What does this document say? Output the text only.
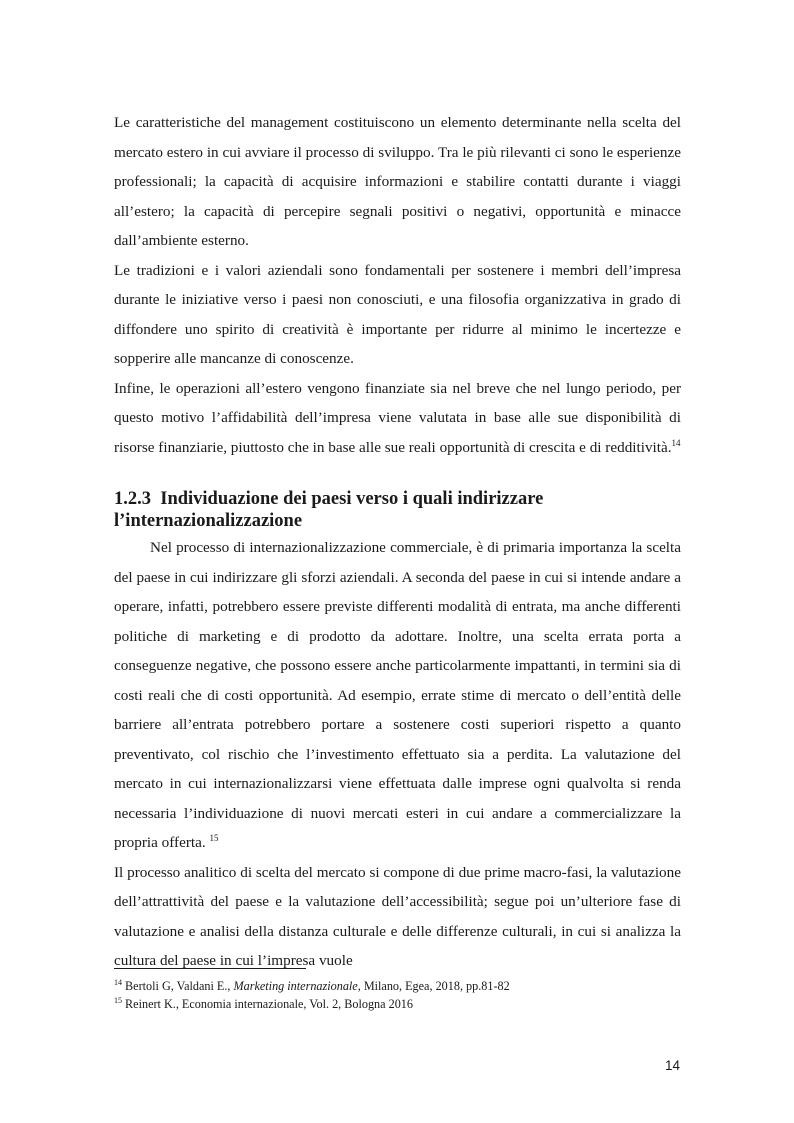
Le caratteristiche del management costituiscono un elemento determinante nella scelta del mercato estero in cui avviare il processo di sviluppo. Tra le più rilevanti ci sono le esperienze professionali; la capacità di acquisire informazioni e stabilire contatti durante i viaggi all’estero; la capacità di percepire segnali positivi o negativi, opportunità e minacce dall’ambiente esterno.

Le tradizioni e i valori aziendali sono fondamentali per sostenere i membri dell’impresa durante le iniziative verso i paesi non conosciuti, e una filosofia organizzativa in grado di diffondere uno spirito di creatività è importante per ridurre al minimo le incertezze e sopperire alle mancanze di conoscenze.

Infine, le operazioni all’estero vengono finanziate sia nel breve che nel lungo periodo, per questo motivo l’affidabilità dell’impresa viene valutata in base alle sue disponibilità di risorse finanziarie, piuttosto che in base alle sue reali opportunità di crescita e di redditività.$^{14}$

1.2.3 Individuazione dei paesi verso i quali indirizzare l’internazionalizzazione

Nel processo di internazionalizzazione commerciale, è di primaria importanza la scelta del paese in cui indirizzare gli sforzi aziendali. A seconda del paese in cui si intende andare a operare, infatti, potrebbero essere previste differenti modalità di entrata, ma anche differenti politiche di marketing e di prodotto da adottare. Inoltre, una scelta errata porta a conseguenze negative, che possono essere anche particolarmente impattanti, in termini sia di costi reali che di costi opportunità. Ad esempio, errate stime di mercato o dell’entità delle barriere all’entrata potrebbero portare a sostenere costi superiori rispetto a quanto preventivato, col rischio che l’investimento effettuato sia a perdita. La valutazione del mercato in cui internazionalizzarsi viene effettuata dalle imprese ogni qualvolta si renda necessaria l’individuazione di nuovi mercati esteri in cui andare a commercializzare la propria offerta. $^{15}$

Il processo analitico di scelta del mercato si compone di due prime macro-fasi, la valutazione dell’attrattività del paese e la valutazione dell’accessibilità; segue poi un’ulteriore fase di valutazione e analisi della distanza culturale e delle differenze culturali, in cui si analizza la cultura del paese in cui l’impresa vuole

$^{14}$ Bertoli G, Valdani E., Marketing internazionale, Milano, Egea, 2018, pp.81-82

$^{15}$ Reinert K., Economia internazionale, Vol. 2, Bologna 2016

14
